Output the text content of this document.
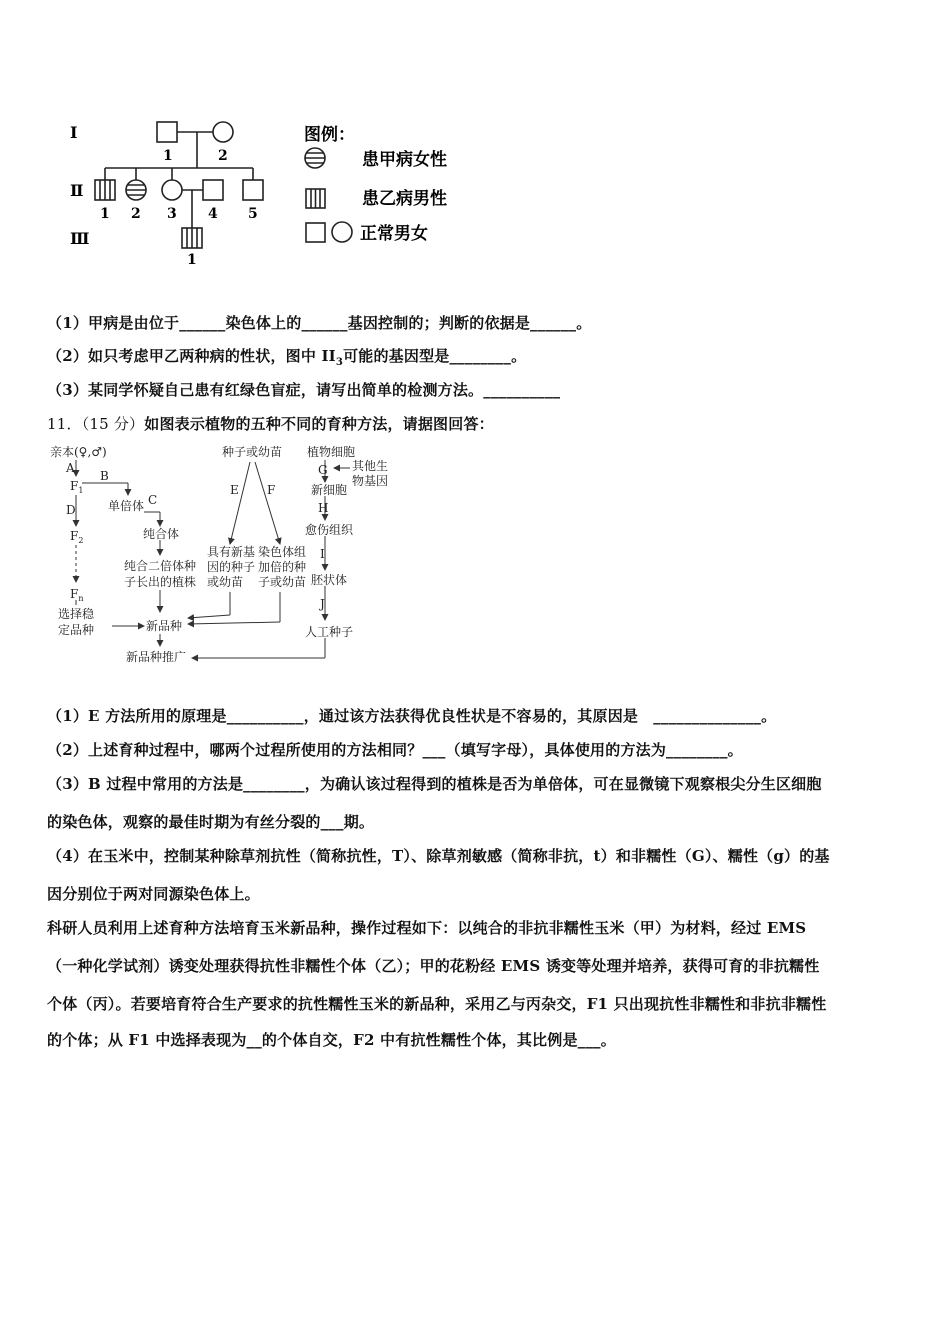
Ⅰ
Ⅱ
Ⅲ
1	2
1 2 3 4 5
1
图例：
患甲病女性
患乙病男性
正常男女
（1）甲病是由位于______染色体上的______基因控制的；判断的依据是______。
（2）如只考虑甲乙两种病的性状，图中 $II_3$可能的基因型是________。
（3）某同学怀疑自己患有红绿色盲症，请写出简单的检测方法。__________
11．（15 分）如图表示植物的五种不同的育种方法，请据图回答：
亲本(♀,♂)
A
$F_1$
B
D
$F_2$
$F_n$
选择稳
定品种
单倍体 C
纯合体
纯合二倍体种
子长出的植株
新品种
新品种推广
种子或幼苗
E F
具有新基
因的种子
或幼苗
染色体组
加倍的种
子或幼苗
植物细胞
G 其他生
物基因
新细胞
H
愈伤组织
I
胚状体
J
人工种子
（1）E 方法所用的原理是__________，通过该方法获得优良性状是不容易的，其原因是　______________。
（2）上述育种过程中，哪两个过程所使用的方法相同？___（填写字母），具体使用的方法为________。
（3）B 过程中常用的方法是________，为确认该过程得到的植株是否为单倍体，可在显微镜下观察根尖分生区细胞
的染色体，观察的最佳时期为有丝分裂的___期。
（4）在玉米中，控制某种除草剂抗性（简称抗性，T）、除草剂敏感（简称非抗，t）和非糯性（G）、糯性（g）的基
因分别位于两对同源染色体上。
科研人员利用上述育种方法培育玉米新品种，操作过程如下：以纯合的非抗非糯性玉米（甲）为材料，经过 EMS
（一种化学试剂）诱变处理获得抗性非糯性个体（乙）；甲的花粉经 EMS 诱变等处理并培养，获得可育的非抗糯性
个体（丙）。若要培育符合生产要求的抗性糯性玉米的新品种，采用乙与丙杂交，F1 只出现抗性非糯性和非抗非糯性
的个体；从 F1 中选择表现为__的个体自交，F2 中有抗性糯性个体，其比例是___。
